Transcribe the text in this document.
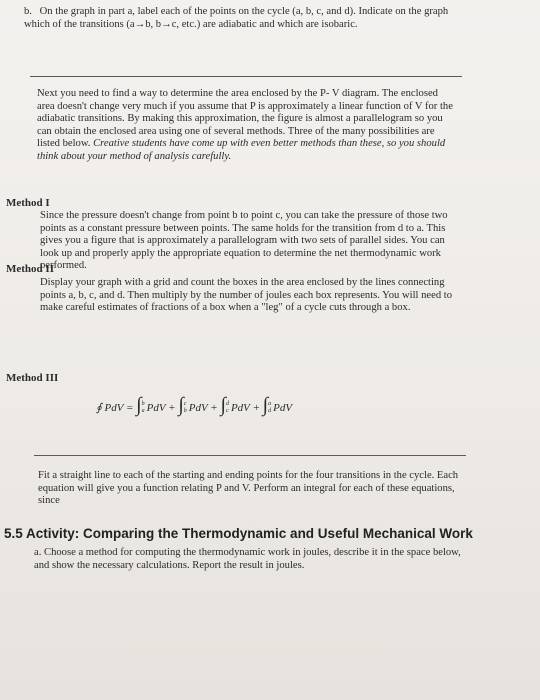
b. On the graph in part a, label each of the points on the cycle (a, b, c, and d). Indicate on the graph which of the transitions (a→b, b→c, etc.) are adiabatic and which are isobaric.

Next you need to find a way to determine the area enclosed by the P- V diagram. The enclosed area doesn't change very much if you assume that P is approximately a linear function of V for the adiabatic transitions. By making this approximation, the figure is almost a parallelogram so you can obtain the enclosed area using one of several methods. Three of the many possibilities are listed below. Creative students have come up with even better methods than these, so you should think about your method of analysis carefully.

Method I

Since the pressure doesn't change from point b to point c, you can take the pressure of those two points as a constant pressure between points. The same holds for the transition from d to a. This gives you a figure that is approximately a parallelogram with two sets of parallel sides. You can look up and properly apply the appropriate equation to determine the net thermodynamic work performed.

Method II

Display your graph with a grid and count the boxes in the area enclosed by the lines connecting points a, b, c, and d. Then multiply by the number of joules each box represents. You will need to make careful estimates of fractions of a box when a "leg" of a cycle cuts through a box.

Method III
∮ PdV = ∫b
a PdV + ∫c
b PdV + ∫d
c PdV + ∫a
d PdV

Fit a straight line to each of the starting and ending points for the four transitions in the cycle. Each equation will give you a function relating P and V. Perform an integral for each of these equations, since

5.5 Activity: Comparing the Thermodynamic and Useful Mechanical Work

a. Choose a method for computing the thermodynamic work in joules, describe it in the space below, and show the necessary calculations. Report the result in joules.
